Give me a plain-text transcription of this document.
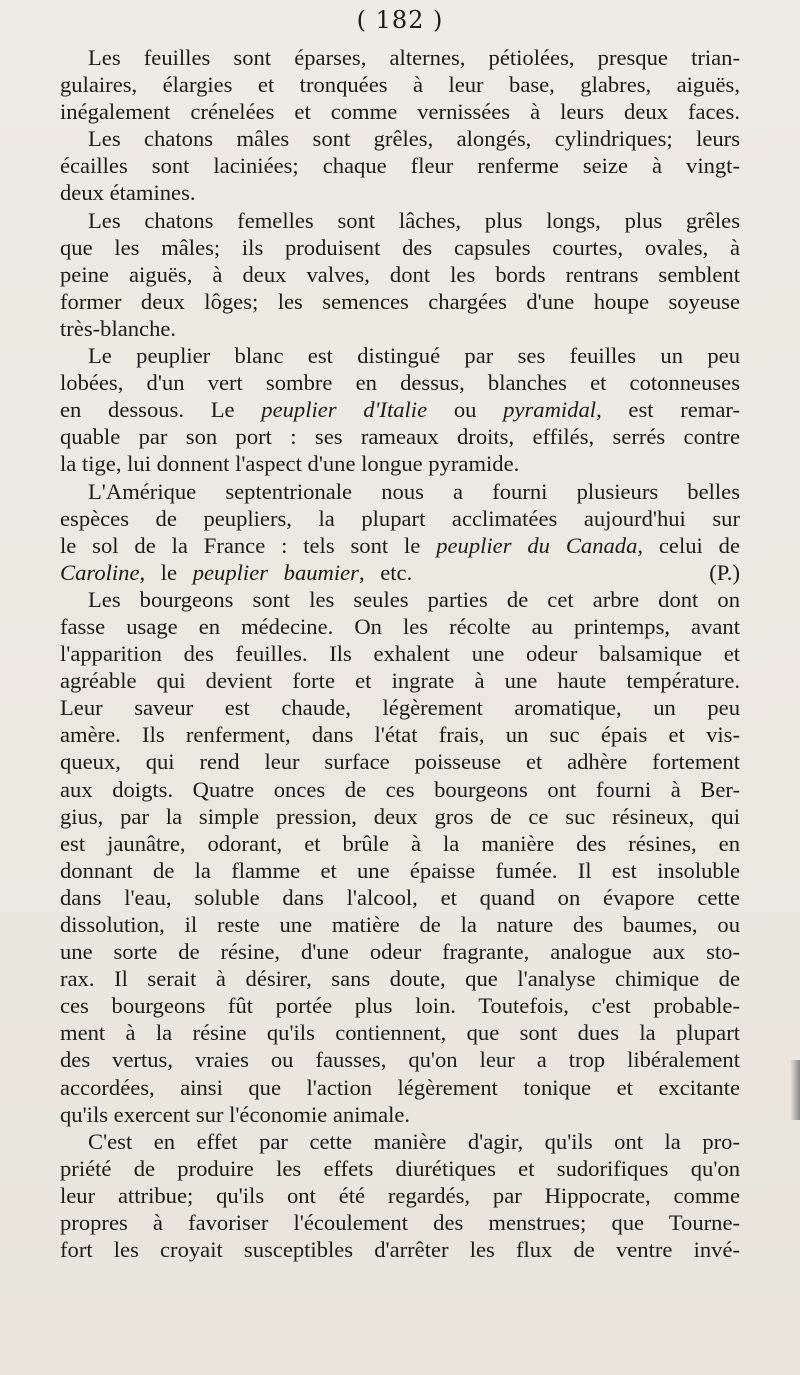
( 182 )
Les feuilles sont éparses, alternes, pétiolées, presque trian-
gulaires, élargies et tronquées à leur base, glabres, aiguës,
inégalement crénelées et comme vernissées à leurs deux faces.
Les chatons mâles sont grêles, alongés, cylindriques; leurs
écailles sont laciniées; chaque fleur renferme seize à vingt-
deux étamines.
Les chatons femelles sont lâches, plus longs, plus grêles
que les mâles; ils produisent des capsules courtes, ovales, à
peine aiguës, à deux valves, dont les bords rentrans semblent
former deux lôges; les semences chargées d'une houpe soyeuse
très-blanche.
Le peuplier blanc est distingué par ses feuilles un peu
lobées, d'un vert sombre en dessus, blanches et cotonneuses
en dessous. Le peuplier d'Italie ou pyramidal, est remar-
quable par son port : ses rameaux droits, effilés, serrés contre
la tige, lui donnent l'aspect d'une longue pyramide.
L'Amérique septentrionale nous a fourni plusieurs belles
espèces de peupliers, la plupart acclimatées aujourd'hui sur
le sol de la France : tels sont le peuplier du Canada, celui de
Caroline, le peuplier baumier, etc.                   (P.)
Les bourgeons sont les seules parties de cet arbre dont on
fasse usage en médecine. On les récolte au printemps, avant
l'apparition des feuilles. Ils exhalent une odeur balsamique et
agréable qui devient forte et ingrate à une haute température.
Leur saveur est chaude, légèrement aromatique, un peu
amère. Ils renferment, dans l'état frais, un suc épais et vis-
queux, qui rend leur surface poisseuse et adhère fortement
aux doigts. Quatre onces de ces bourgeons ont fourni à Ber-
gius, par la simple pression, deux gros de ce suc résineux, qui
est jaunâtre, odorant, et brûle à la manière des résines, en
donnant de la flamme et une épaisse fumée. Il est insoluble
dans l'eau, soluble dans l'alcool, et quand on évapore cette
dissolution, il reste une matière de la nature des baumes, ou
une sorte de résine, d'une odeur fragrante, analogue aux sto-
rax. Il serait à désirer, sans doute, que l'analyse chimique de
ces bourgeons fût portée plus loin. Toutefois, c'est probable-
ment à la résine qu'ils contiennent, que sont dues la plupart
des vertus, vraies ou fausses, qu'on leur a trop libéralement
accordées, ainsi que l'action légèrement tonique et excitante
qu'ils exercent sur l'économie animale.
C'est en effet par cette manière d'agir, qu'ils ont la pro-
priété de produire les effets diurétiques et sudorifiques qu'on
leur attribue; qu'ils ont été regardés, par Hippocrate, comme
propres à favoriser l'écoulement des menstrues; que Tourne-
fort les croyait susceptibles d'arrêter les flux de ventre invé-
